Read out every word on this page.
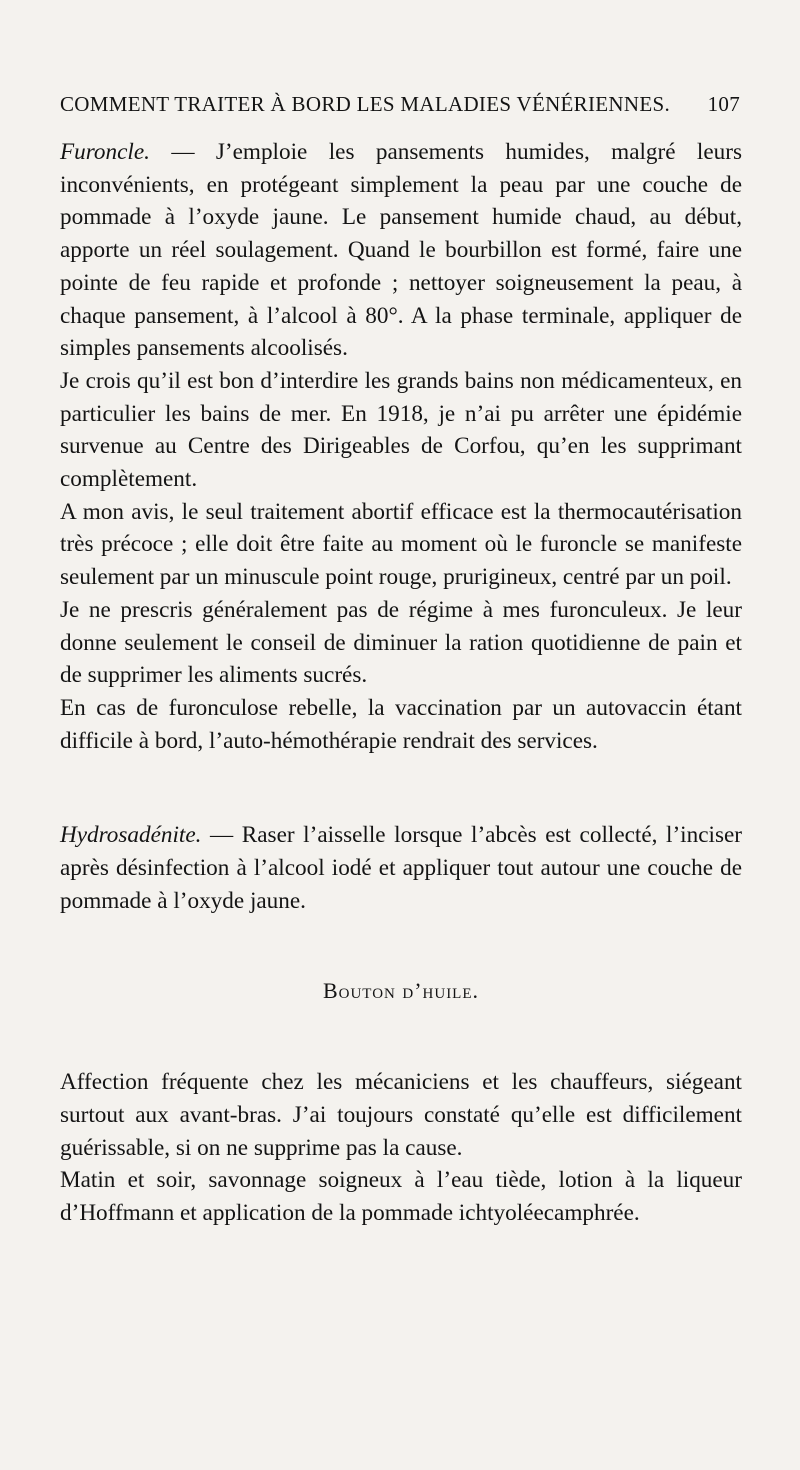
COMMENT TRAITER À BORD LES MALADIES VÉNÉRIENNES. 107

Furoncle. — J’emploie les pansements humides, malgré leurs inconvénients, en protégeant simplement la peau par une couche de pommade à l’oxyde jaune. Le pansement humide chaud, au début, apporte un réel soulagement. Quand le bourbillon est formé, faire une pointe de feu rapide et profonde ; nettoyer soigneusement la peau, à chaque pansement, à l’alcool à 80°. A la phase terminale, appliquer de simples pansements alcoolisés.

Je crois qu’il est bon d’interdire les grands bains non médicamenteux, en particulier les bains de mer. En 1918, je n’ai pu arrêter une épidémie survenue au Centre des Dirigeables de Corfou, qu’en les supprimant complètement.

A mon avis, le seul traitement abortif efficace est la thermocautérisation très précoce ; elle doit être faite au moment où le furoncle se manifeste seulement par un minuscule point rouge, prurigineux, centré par un poil.

Je ne prescris généralement pas de régime à mes furonculeux. Je leur donne seulement le conseil de diminuer la ration quotidienne de pain et de supprimer les aliments sucrés.

En cas de furonculose rebelle, la vaccination par un autovaccin étant difficile à bord, l’auto-hémothérapie rendrait des services.

Hydrosadénite. — Raser l’aisselle lorsque l’abcès est collecté, l’inciser après désinfection à l’alcool iodé et appliquer tout autour une couche de pommade à l’oxyde jaune.

Bouton d’huile.

Affection fréquente chez les mécaniciens et les chauffeurs, siégeant surtout aux avant-bras. J’ai toujours constaté qu’elle est difficilement guérissable, si on ne supprime pas la cause.

Matin et soir, savonnage soigneux à l’eau tiède, lotion à la liqueur d’Hoffmann et application de la pommade ichtyoléecamphrée.
